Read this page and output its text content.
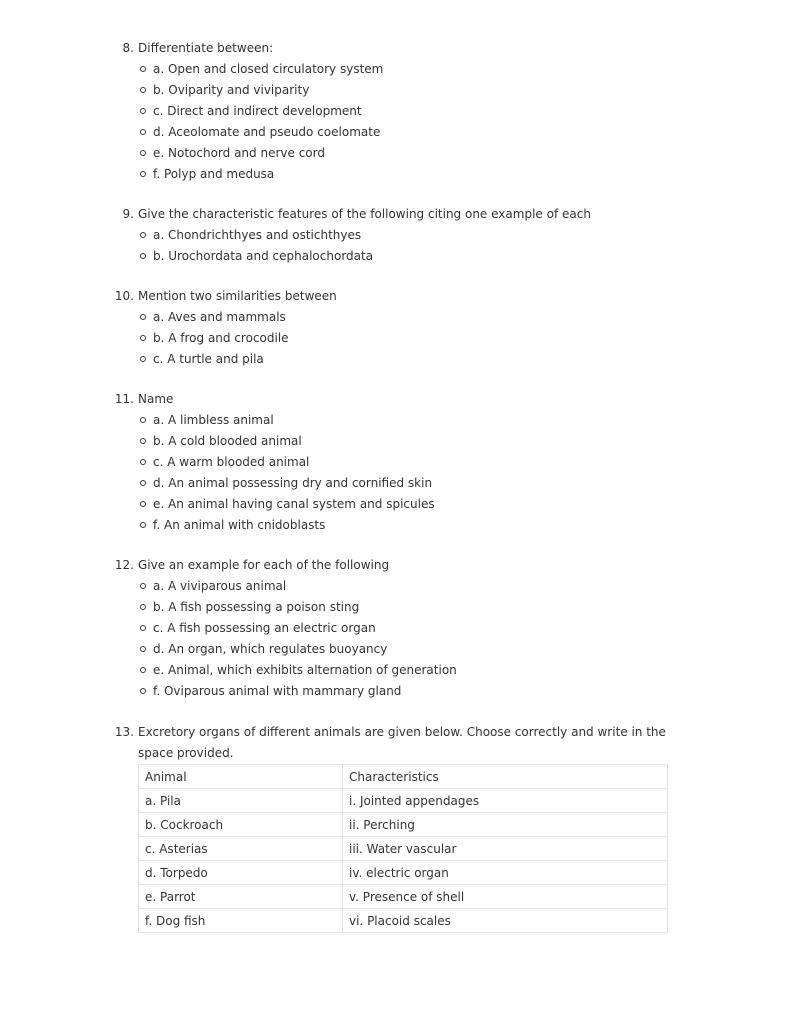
8. Differentiate between:
a. Open and closed circulatory system
b. Oviparity and viviparity
c. Direct and indirect development
d. Aceolomate and pseudo coelomate
e. Notochord and nerve cord
f. Polyp and medusa
9. Give the characteristic features of the following citing one example of each
a. Chondrichthyes and ostichthyes
b. Urochordata and cephalochordata
10. Mention two similarities between
a. Aves and mammals
b. A frog and crocodile
c. A turtle and pila
11. Name
a. A limbless animal
b. A cold blooded animal
c. A warm blooded animal
d. An animal possessing dry and cornified skin
e. An animal having canal system and spicules
f. An animal with cnidoblasts
12. Give an example for each of the following
a. A viviparous animal
b. A fish possessing a poison sting
c. A fish possessing an electric organ
d. An organ, which regulates buoyancy
e. Animal, which exhibits alternation of generation
f. Oviparous animal with mammary gland
13. Excretory organs of different animals are given below. Choose correctly and write in the space provided.
Animal	Characteristics
a. Pila	i. Jointed appendages
b. Cockroach	ii. Perching
c. Asterias	iii. Water vascular
d. Torpedo	iv. electric organ
e. Parrot	v. Presence of shell
f. Dog fish	vi. Placoid scales
